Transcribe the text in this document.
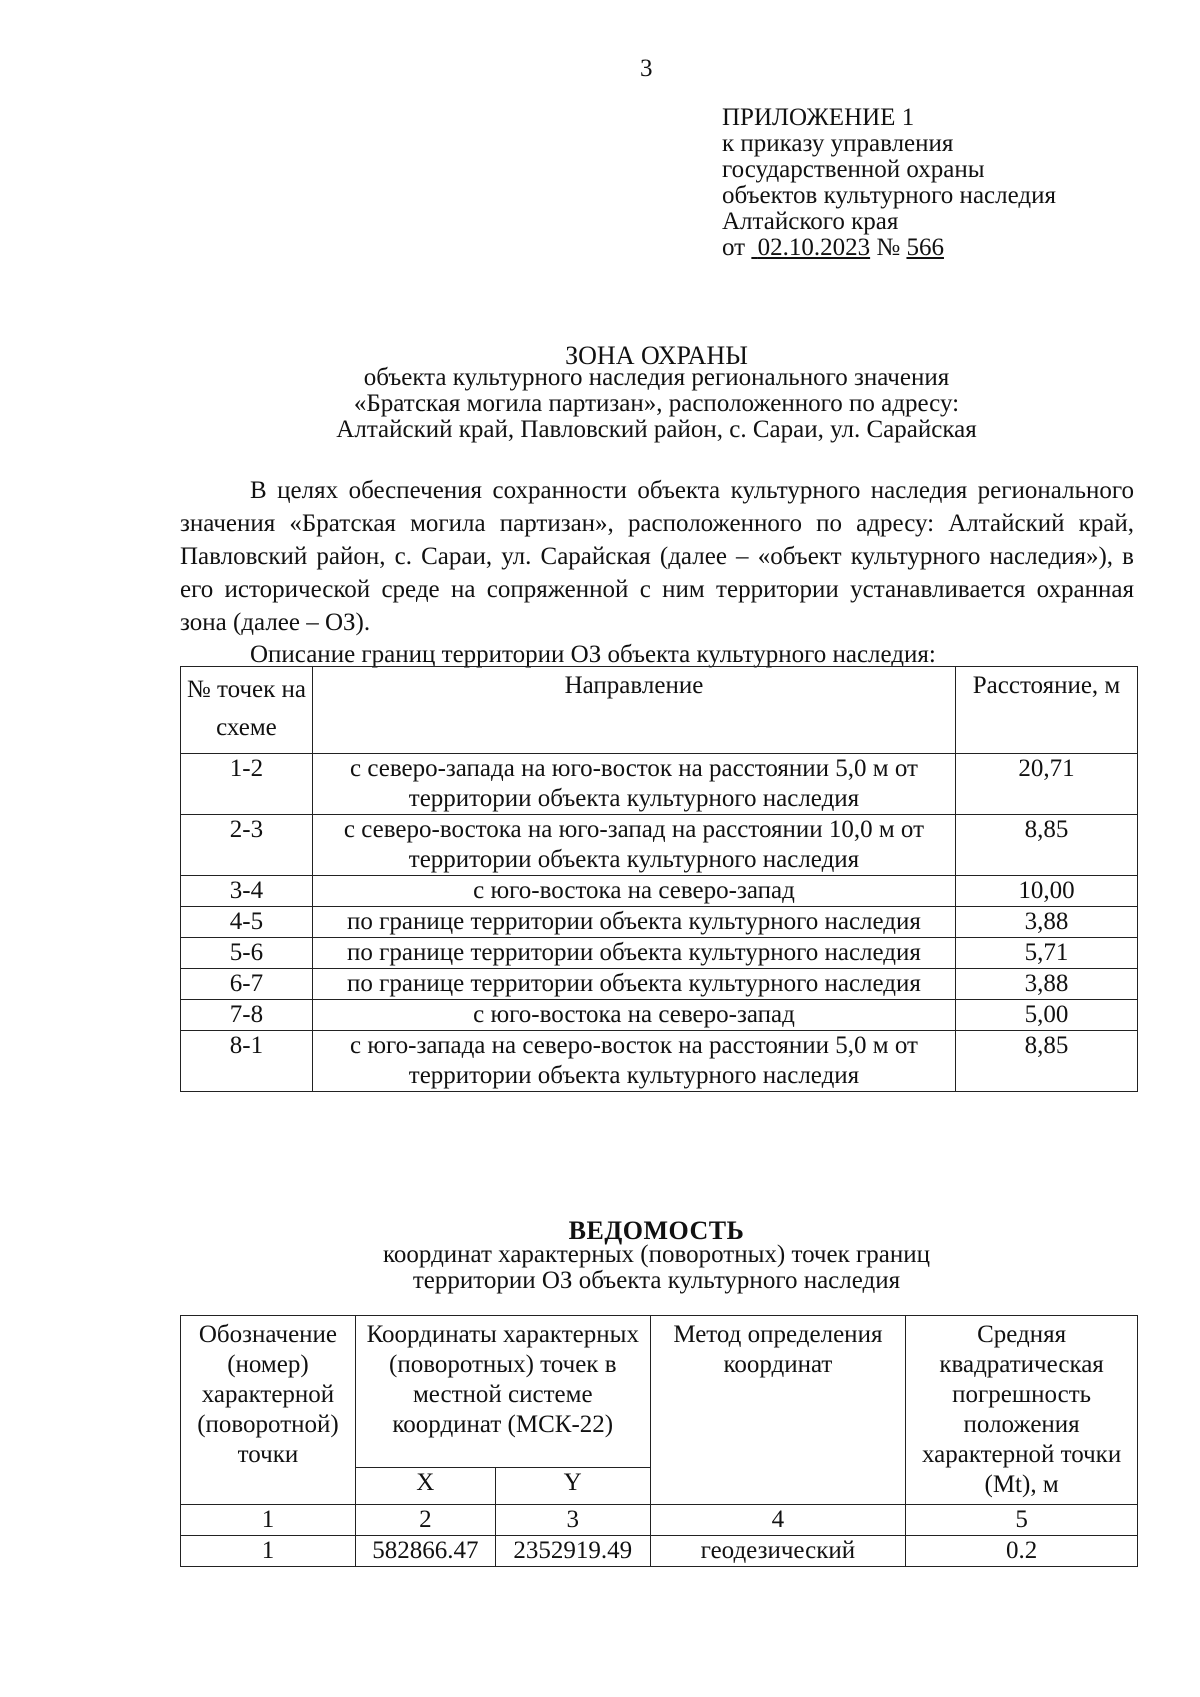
3
ПРИЛОЖЕНИЕ 1
к приказу управления
государственной охраны
объектов культурного наследия
Алтайского края
от 02.10.2023 № 566
ЗОНА ОХРАНЫ
объекта культурного наследия регионального значения
«Братская могила партизан», расположенного по адресу:
Алтайский край, Павловский район, с. Сараи, ул. Сарайская

В целях обеспечения сохранности объекта культурного наследия регионального значения «Братская могила партизан», расположенного по адресу: Алтайский край, Павловский район, с. Сараи, ул. Сарайская (далее – «объект культурного наследия»), в его исторической среде на сопряженной с ним территории устанавливается охранная зона (далее – ОЗ).

Описание границ территории ОЗ объекта культурного наследия:
№ точек на схеме	Направление	Расстояние, м
1-2	с северо-запада на юго-восток на расстоянии 5,0 м от территории объекта культурного наследия	20,71
2-3	с северо-востока на юго-запад на расстоянии 10,0 м от территории объекта культурного наследия	8,85
3-4	с юго-востока на северо-запад	10,00
4-5	по границе территории объекта культурного наследия	3,88
5-6	по границе территории объекта культурного наследия	5,71
6-7	по границе территории объекта культурного наследия	3,88
7-8	с юго-востока на северо-запад	5,00
8-1	с юго-запада на северо-восток на расстоянии 5,0 м от территории объекта культурного наследия	8,85
ВЕДОМОСТЬ
координат характерных (поворотных) точек границ
территории ОЗ объекта культурного наследия
Обозначение (номер) характерной (поворотной) точки	Координаты характерных (поворотных) точек в местной системе координат (МСК-22)		Метод определения координат	Средняя квадратическая погрешность положения характерной точки (Mt), м
	X	Y		
1	2	3	4	5
1	582866.47	2352919.49	геодезический	0.2
